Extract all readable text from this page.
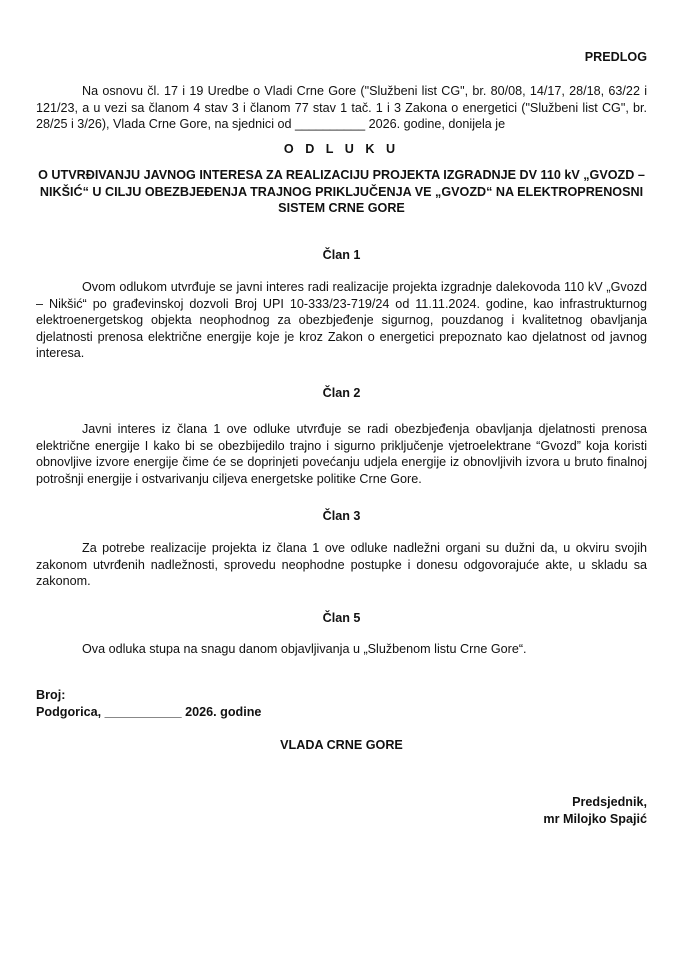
PREDLOG

Na osnovu čl. 17 i 19 Uredbe o Vladi Crne Gore ("Službeni list CG", br. 80/08, 14/17, 28/18, 63/22 i 121/23, a u vezi sa članom 4 stav 3 i članom 77 stav 1 tač. 1 i 3 Zakona o energetici ("Službeni list CG", br. 28/25 i 3/26), Vlada Crne Gore, na sjednici od __________ 2026. godine, donijela je

O D L U K U

O UTVRĐIVANJU JAVNOG INTERESA ZA REALIZACIJU PROJEKTA IZGRADNJE DV 110 kV „GVOZD – NIKŠIĆ“ U CILJU OBEZBJEĐENJA TRAJNOG PRIKLJUČENJA VE „GVOZD“ NA ELEKTROPRENOSNI SISTEM CRNE GORE

Član 1

Ovom odlukom utvrđuje se javni interes radi realizacije projekta izgradnje dalekovoda 110 kV „Gvozd – Nikšić“ po građevinskoj dozvoli Broj UPI 10-333/23-719/24 od 11.11.2024. godine, kao infrastrukturnog elektroenergetskog objekta neophodnog za obezbjeđenje sigurnog, pouzdanog i kvalitetnog obavljanja djelatnosti prenosa električne energije koje je kroz Zakon o energetici prepoznato kao djelatnost od javnog interesa.

Član 2

Javni interes iz člana 1 ove odluke utvrđuje se radi obezbjeđenja obavljanja djelatnosti prenosa električne energije I kako bi se obezbijedilo trajno i sigurno priključenje vjetroelektrane “Gvozd” koja koristi obnovljive izvore energije čime će se doprinjeti povećanju udjela energije iz obnovljivih izvora u bruto finalnoj potrošnji energije i ostvarivanju ciljeva energetske politike Crne Gore.

Član 3

Za potrebe realizacije projekta iz člana 1 ove odluke nadležni organi su dužni da, u okviru svojih zakonom utvrđenih nadležnosti, sprovedu neophodne postupke i donesu odgovorajuće akte, u skladu sa zakonom.

Član 5

Ova odluka stupa na snagu danom objavljivanja u „Službenom listu Crne Gore“.

Broj:

Podgorica, ___________ 2026. godine

VLADA CRNE GORE

Predsjednik,

mr Milojko Spajić
